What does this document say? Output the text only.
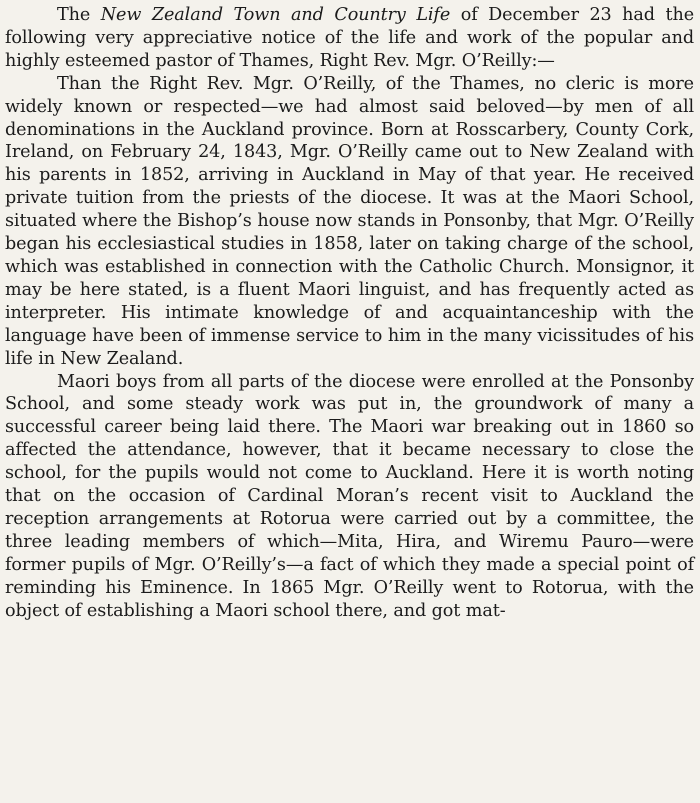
The New Zealand Town and Country Life of December 23 had the following very appreciative notice of the life and work of the popular and highly esteemed pastor of Thames, Right Rev. Mgr. O’Reilly:—

Than the Right Rev. Mgr. O’Reilly, of the Thames, no cleric is more widely known or respected—we had almost said beloved—by men of all denominations in the Auckland province. Born at Rosscarbery, County Cork, Ireland, on February 24, 1843, Mgr. O’Reilly came out to New Zealand with his parents in 1852, arriving in Auckland in May of that year. He received private tuition from the priests of the diocese. It was at the Maori School, situated where the Bishop’s house now stands in Ponsonby, that Mgr. O’Reilly began his ecclesiastical studies in 1858, later on taking charge of the school, which was established in connection with the Catholic Church. Monsignor, it may be here stated, is a fluent Maori linguist, and has frequently acted as interpreter. His intimate knowledge of and acquaintanceship with the language have been of immense service to him in the many vicissitudes of his life in New Zealand.

Maori boys from all parts of the diocese were enrolled at the Ponsonby School, and some steady work was put in, the groundwork of many a successful career being laid there. The Maori war breaking out in 1860 so affected the attendance, however, that it became necessary to close the school, for the pupils would not come to Auckland. Here it is worth noting that on the occasion of Cardinal Moran’s recent visit to Auckland the reception arrangements at Rotorua were carried out by a committee, the three leading members of which—Mita, Hira, and Wiremu Pauro—were former pupils of Mgr. O’Reilly’s—a fact of which they made a special point of reminding his Eminence. In 1865 Mgr. O’Reilly went to Rotorua, with the object of establishing a Maori school there, and got mat-
